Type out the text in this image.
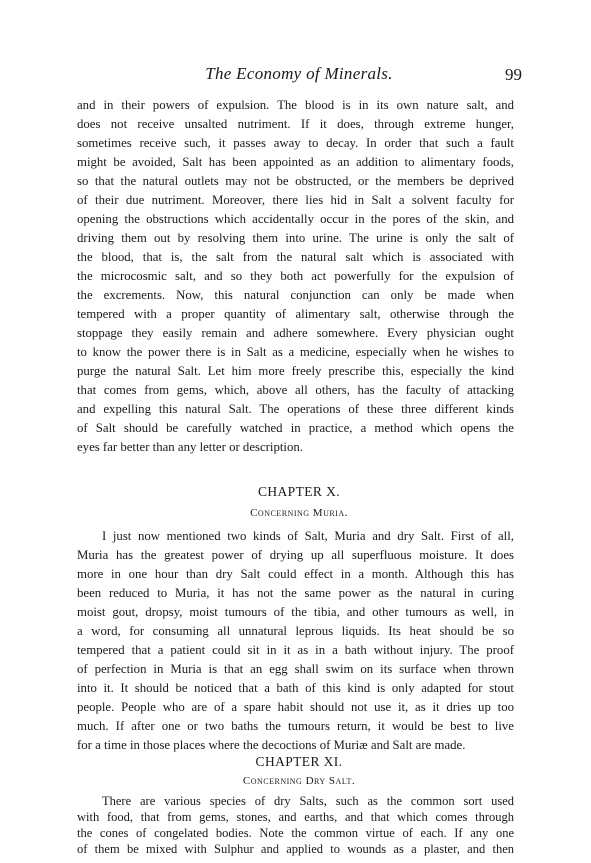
The Economy of Minerals.	99
and in their powers of expulsion. The blood is in its own nature salt, and
does not receive unsalted nutriment. If it does, through extreme hunger,
sometimes receive such, it passes away to decay. In order that such a fault
might be avoided, Salt has been appointed as an addition to alimentary foods,
so that the natural outlets may not be obstructed, or the members be deprived
of their due nutriment. Moreover, there lies hid in Salt a solvent faculty for
opening the obstructions which accidentally occur in the pores of the skin, and
driving them out by resolving them into urine. The urine is only the salt of
the blood, that is, the salt from the natural salt which is associated with
the microcosmic salt, and so they both act powerfully for the expulsion of
the excrements. Now, this natural conjunction can only be made when
tempered with a proper quantity of alimentary salt, otherwise through the
stoppage they easily remain and adhere somewhere. Every physician ought
to know the power there is in Salt as a medicine, especially when he wishes to
purge the natural Salt. Let him more freely prescribe this, especially the kind
that comes from gems, which, above all others, has the faculty of attacking
and expelling this natural Salt. The operations of these three different kinds
of Salt should be carefully watched in practice, a method which opens the
eyes far better than any letter or description.
CHAPTER X.
Concerning Muria.
I just now mentioned two kinds of Salt, Muria and dry Salt. First of all,
Muria has the greatest power of drying up all superfluous moisture. It does
more in one hour than dry Salt could effect in a month. Although this has
been reduced to Muria, it has not the same power as the natural in curing
moist gout, dropsy, moist tumours of the tibia, and other tumours as well, in
a word, for consuming all unnatural leprous liquids. Its heat should be so
tempered that a patient could sit in it as in a bath without injury. The proof
of perfection in Muria is that an egg shall swim on its surface when thrown
into it. It should be noticed that a bath of this kind is only adapted for stout
people. People who are of a spare habit should not use it, as it dries up too
much. If after one or two baths the tumours return, it would be best to live
for a time in those places where the decoctions of Muriæ and Salt are made.
CHAPTER XI.
Concerning Dry Salt.
There are various species of dry Salts, such as the common sort used
with food, that from gems, stones, and earths, and that which comes through
the cones of congelated bodies. Note the common virtue of each. If any one
of them be mixed with Sulphur and applied to wounds as a plaster, and then
